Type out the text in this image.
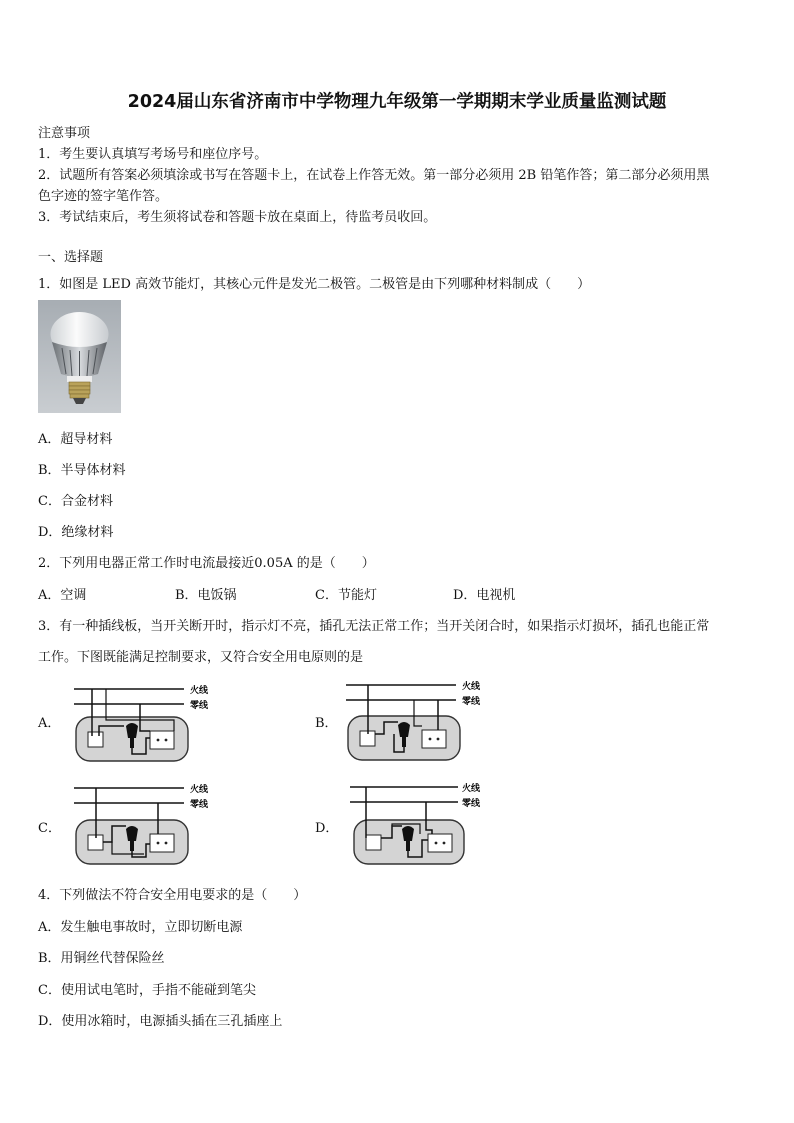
2024届山东省济南市中学物理九年级第一学期期末学业质量监测试题
注意事项
1．考生要认真填写考场号和座位序号。
2．试题所有答案必须填涂或书写在答题卡上，在试卷上作答无效。第一部分必须用 2B 铅笔作答；第二部分必须用黑
色字迹的签字笔作答。
3．考试结束后，考生须将试卷和答题卡放在桌面上，待监考员收回。
一、选择题
1．如图是 LED 高效节能灯，其核心元件是发光二极管。二极管是由下列哪种材料制成（　　）
A．超导材料
B．半导体材料
C．合金材料
D．绝缘材料
2．下列用电器正常工作时电流最接近0.05A 的是（　　）
A．空调	B．电饭锅	C．节能灯	D．电视机
3．有一种插线板，当开关断开时，指示灯不亮，插孔无法正常工作；当开关闭合时，如果指示灯损坏，插孔也能正常
工作。下图既能满足控制要求，又符合安全用电原则的是
A．	B．
C．	D．
火线
零线
火线
零线
火线
零线
火线
零线
4．下列做法不符合安全用电要求的是（　　）
A．发生触电事故时，立即切断电源
B．用铜丝代替保险丝
C．使用试电笔时，手指不能碰到笔尖
D．使用冰箱时，电源插头插在三孔插座上
